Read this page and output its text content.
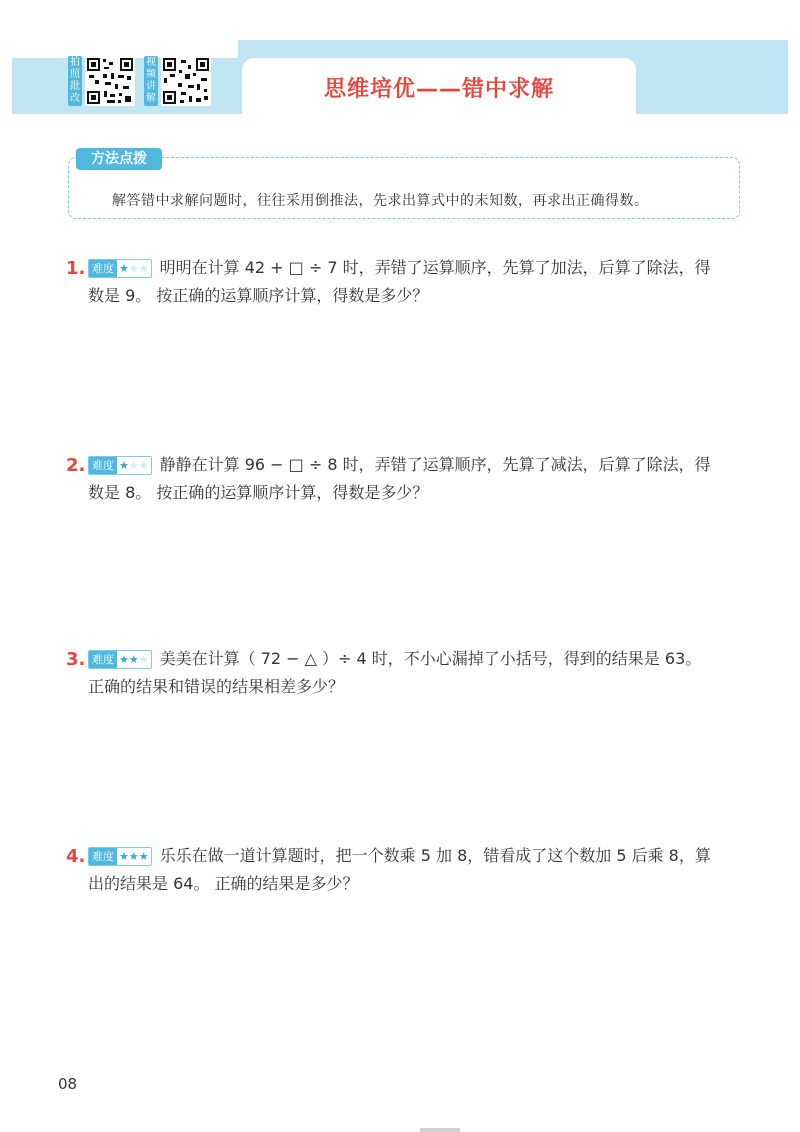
拍照批改
视频讲解	思维培优——错中求解
方法点拨
解答错中求解问题时，往往采用倒推法，先求出算式中的未知数，再求出正确得数。
1. 难度 ★ ★ ★ 明明在计算 42 + □ ÷ 7 时，弄错了运算顺序，先算了加法，后算了除法，得
数是 9。 按正确的运算顺序计算，得数是多少？
2. 难度 ★ ★ ★ 静静在计算 96 − □ ÷ 8 时，弄错了运算顺序，先算了减法，后算了除法，得
数是 8。 按正确的运算顺序计算，得数是多少？
3. 难度 ★ ★ ★ 美美在计算（ 72 − △ ）÷ 4 时，不小心漏掉了小括号，得到的结果是 63。
正确的结果和错误的结果相差多少？
4. 难度 ★ ★ ★ 乐乐在做一道计算题时，把一个数乘 5 加 8，错看成了这个数加 5 后乘 8，算
出的结果是 64。 正确的结果是多少？
08
